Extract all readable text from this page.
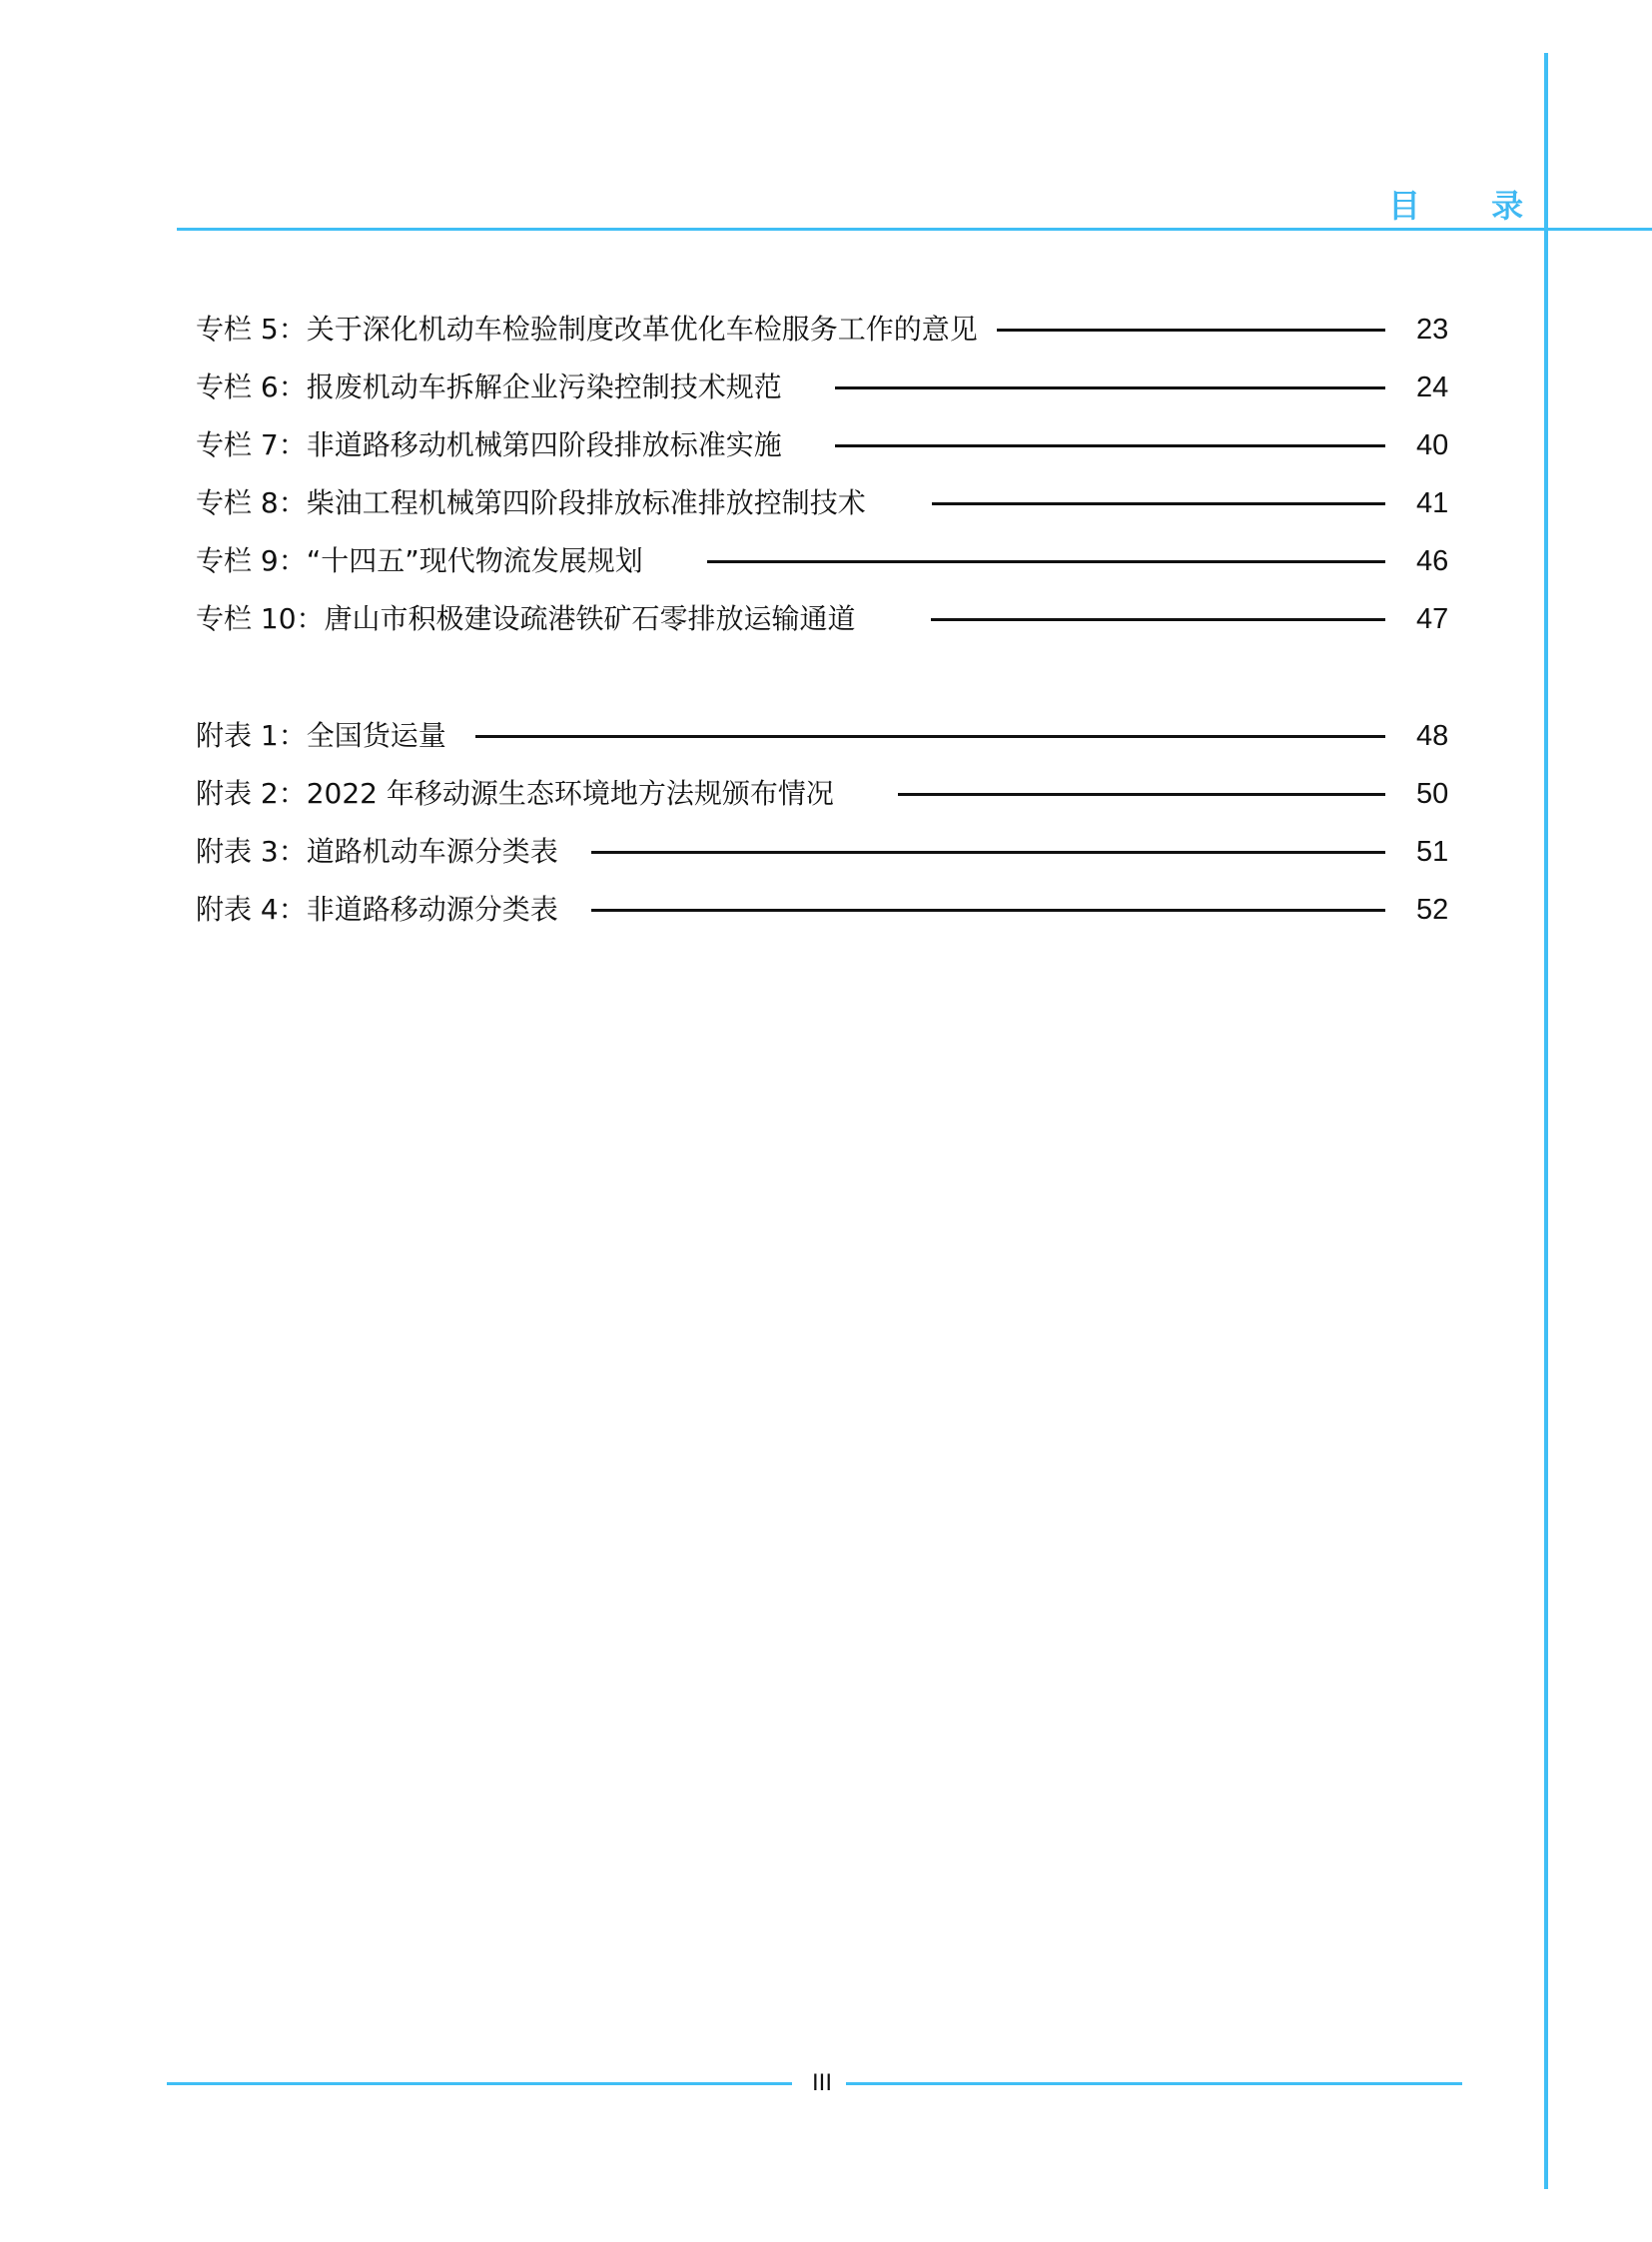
目 录
专栏 5：关于深化机动车检验制度改革优化车检服务工作的意见	23
专栏 6：报废机动车拆解企业污染控制技术规范	24
专栏 7：非道路移动机械第四阶段排放标准实施	40
专栏 8：柴油工程机械第四阶段排放标准排放控制技术	41
专栏 9：“十四五”现代物流发展规划	46
专栏 10：唐山市积极建设疏港铁矿石零排放运输通道	47
附表 1：全国货运量	48
附表 2：2022 年移动源生态环境地方法规颁布情况	50
附表 3：道路机动车源分类表	51
附表 4：非道路移动源分类表	52
III
